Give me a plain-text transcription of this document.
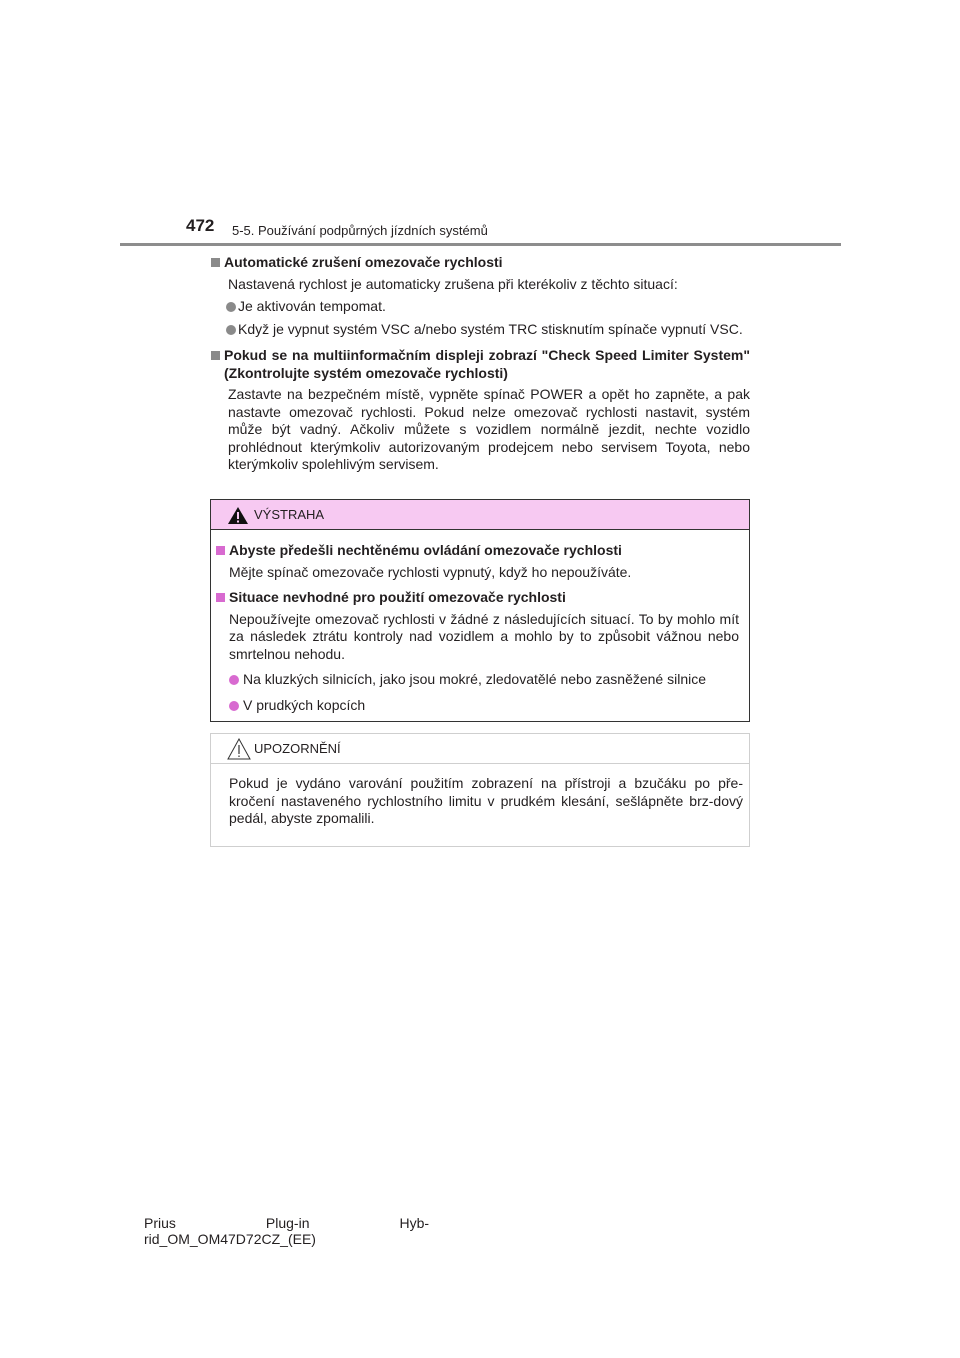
472 5-5. Používání podpůrných jízdních systémů
Automatické zrušení omezovače rychlosti
Nastavená rychlost je automaticky zrušena při kterékoliv z těchto situací:
Je aktivován tempomat.
Když je vypnut systém VSC a/nebo systém TRC stisknutím spínače vypnutí VSC.
Pokud se na multiinformačním displeji zobrazí "Check Speed Limiter System" (Zkontrolujte systém omezovače rychlosti)
Zastavte na bezpečném místě, vypněte spínač POWER a opět ho zapněte, a pak nastavte omezovač rychlosti. Pokud nelze omezovač rychlosti nastavit, systém může být vadný. Ačkoliv můžete s vozidlem normálně jezdit, nechte vozidlo prohlédnout kterýmkoliv autorizovaným prodejcem nebo servisem Toyota, nebo kterýmkoliv spolehlivým servisem.
VÝSTRAHA
Abyste předešli nechtěnému ovládání omezovače rychlosti
Mějte spínač omezovače rychlosti vypnutý, když ho nepoužíváte.
Situace nevhodné pro použití omezovače rychlosti
Nepoužívejte omezovač rychlosti v žádné z následujících situací. To by mohlo mít za následek ztrátu kontroly nad vozidlem a mohlo by to způsobit vážnou nebo smrtelnou nehodu.
Na kluzkých silnicích, jako jsou mokré, zledovatělé nebo zasněžené silnice
V prudkých kopcích
UPOZORNĚNÍ
Pokud je vydáno varování použitím zobrazení na přístroji a bzučáku po pře-kročení nastaveného rychlostního limitu v prudkém klesání, sešlápněte brz-dový pedál, abyste zpomalili.
Prius	Plug-in	Hyb-
rid_OM_OM47D72CZ_(EE)
